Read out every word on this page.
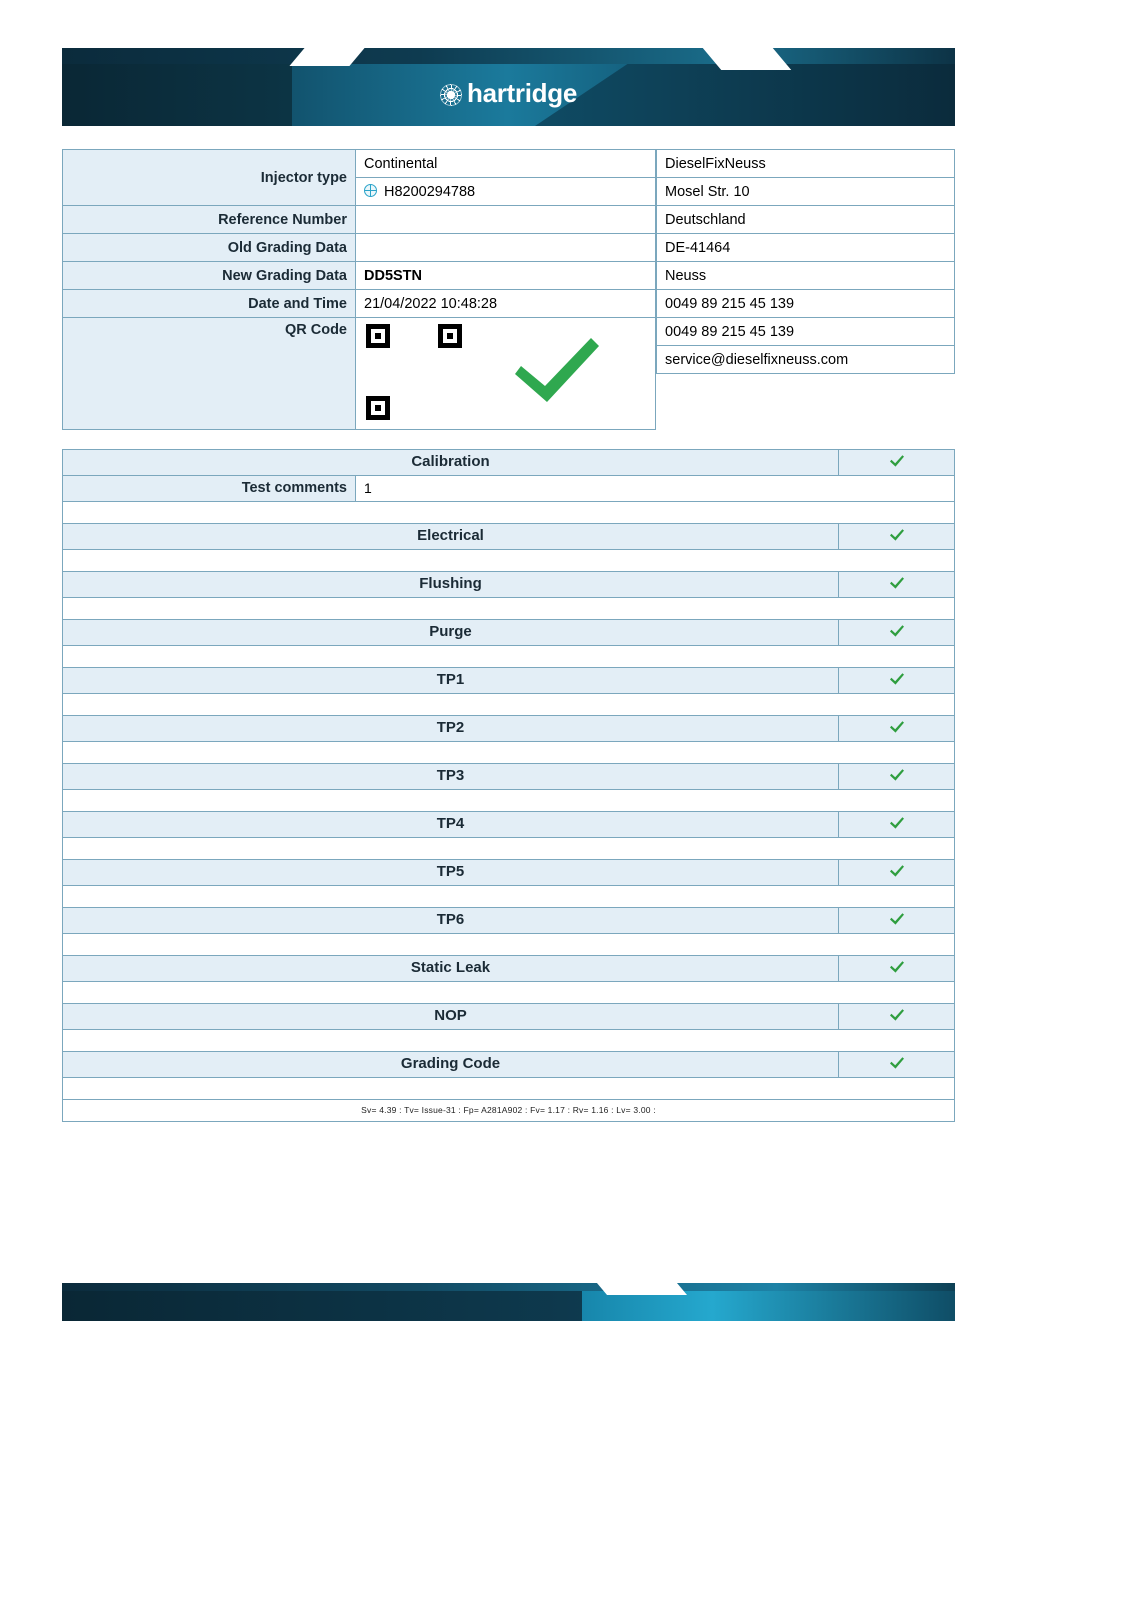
hartridge
Injector type	Continental
	H8200294788
Reference Number	
Old Grading Data	
New Grading Data	DD5STN
Date and Time	21/04/2022 10:48:28
QR Code	
DieselFixNeuss
Mosel Str. 10
Deutschland
DE-41464
Neuss
0049 89 215 45 139
0049 89 215 45 139
service@dieselfixneuss.com
Calibration
Test comments	1
Electrical
Flushing
Purge
TP1
TP2
TP3
TP4
TP5
TP6
Static Leak
NOP
Grading Code
Sv= 4.39 : Tv= Issue-31 : Fp= A281A902 : Fv= 1.17 : Rv= 1.16 : Lv= 3.00 :
